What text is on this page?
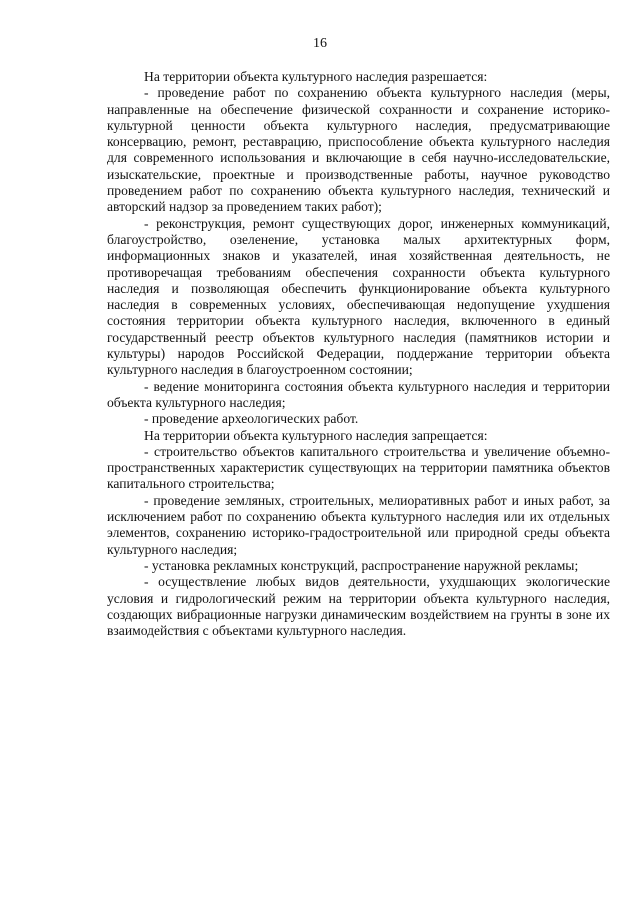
16

На территории объекта культурного наследия разрешается:

- проведение работ по сохранению объекта культурного наследия (меры, направленные на обеспечение физической сохранности и сохранение историко-культурной ценности объекта культурного наследия, предусматривающие консервацию, ремонт, реставрацию, приспособление объекта культурного наследия для современного использования и включающие в себя научно-исследовательские, изыскательские, проектные и производственные работы, научное руководство проведением работ по сохранению объекта культурного наследия, технический и авторский надзор за проведением таких работ);

- реконструкция, ремонт существующих дорог, инженерных коммуникаций, благоустройство, озеленение, установка малых архитектурных форм, информационных знаков и указателей, иная хозяйственная деятельность, не противоречащая требованиям обеспечения сохранности объекта культурного наследия и позволяющая обеспечить функционирование объекта культурного наследия в современных условиях, обеспечивающая недопущение ухудшения состояния территории объекта культурного наследия, включенного в единый государственный реестр объектов культурного наследия (памятников истории и культуры) народов Российской Федерации, поддержание территории объекта культурного наследия в благоустроенном состоянии;

- ведение мониторинга состояния объекта культурного наследия и территории объекта культурного наследия;

- проведение археологических работ.

На территории объекта культурного наследия запрещается:

- строительство объектов капитального строительства и увеличение объемно-пространственных характеристик существующих на территории памятника объектов капитального строительства;

- проведение земляных, строительных, мелиоративных работ и иных работ, за исключением работ по сохранению объекта культурного наследия или их отдельных элементов, сохранению историко-градостроительной или природной среды объекта культурного наследия;

- установка рекламных конструкций, распространение наружной рекламы;

- осуществление любых видов деятельности, ухудшающих экологические условия и гидрологический режим на территории объекта культурного наследия, создающих вибрационные нагрузки динамическим воздействием на грунты в зоне их взаимодействия с объектами культурного наследия.
